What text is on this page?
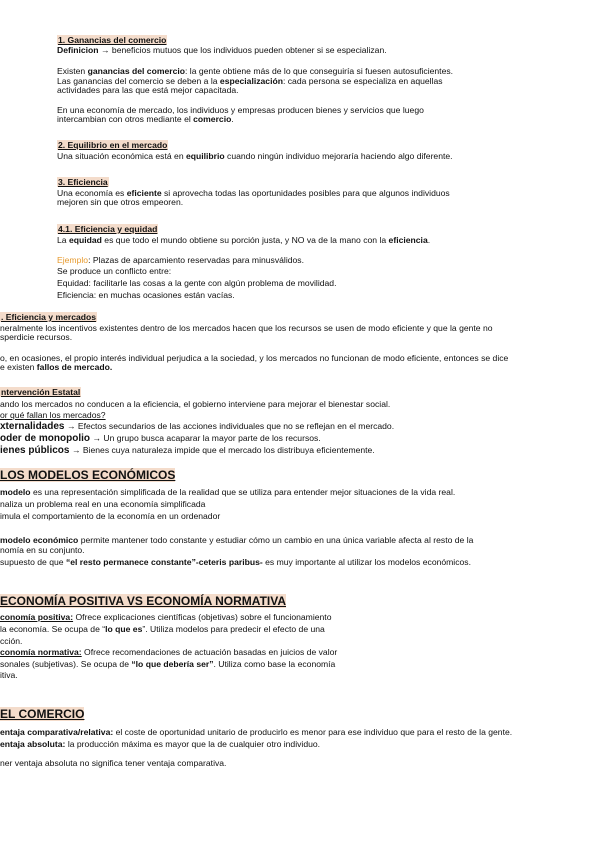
1. Ganancias del comercio
Definicion → beneficios mutuos que los individuos pueden obtener si se especializan.
Existen ganancias del comercio: la gente obtiene más de lo que conseguiría si fuesen autosuficientes.
Las ganancias del comercio se deben a la especialización: cada persona se especializa en aquellas
actividades para las que está mejor capacitada.
En una economía de mercado, los individuos y empresas producen bienes y servicios que luego
intercambian con otros mediante el comercio.
2. Equilibrio en el mercado
Una situación económica está en equilibrio cuando ningún individuo mejoraría haciendo algo diferente.
3. Eficiencia
Una economía es eficiente si aprovecha todas las oportunidades posibles para que algunos individuos
mejoren sin que otros empeoren.
4.1. Eficiencia y equidad
La equidad es que todo el mundo obtiene su porción justa, y NO va de la mano con la eficiencia.
Ejemplo: Plazas de aparcamiento reservadas para minusválidos.
Se produce un conflicto entre:
Equidad: facilitarle las cosas a la gente con algún problema de movilidad.
Eficiencia: en muchas ocasiones están vacías.
. Eficiencia y mercados
neralmente los incentivos existentes dentro de los mercados hacen que los recursos se usen de modo eficiente y que la gente no
sperdicie recursos.
o, en ocasiones, el propio interés individual perjudica a la sociedad, y los mercados no funcionan de modo eficiente, entonces se dice
e existen fallos de mercado.
ntervención Estatal
ando los mercados no conducen a la eficiencia, el gobierno interviene para mejorar el bienestar social.
or qué fallan los mercados?
xternalidades → Efectos secundarios de las acciones individuales que no se reflejan en el mercado.
oder de monopolio → Un grupo busca acaparar la mayor parte de los recursos.
ienes públicos → Bienes cuya naturaleza impide que el mercado los distribuya eficientemente.
LOS MODELOS ECONÓMICOS
modelo es una representación simplificada de la realidad que se utiliza para entender mejor situaciones de la vida real.
naliza un problema real en una economía simplificada
imula el comportamiento de la economía en un ordenador
modelo económico permite mantener todo constante y estudiar cómo un cambio en una única variable afecta al resto de la
nomía en su conjunto.
supuesto de que “el resto permanece constante”-ceteris paribus- es muy importante al utilizar los modelos económicos.
ECONOMÍA POSITIVA VS ECONOMÍA NORMATIVA
conomía positiva: Ofrece explicaciones científicas (objetivas) sobre el funcionamiento
la economía. Se ocupa de “lo que es”. Utiliza modelos para predecir el efecto de una
cción.
conomía normativa: Ofrece recomendaciones de actuación basadas en juicios de valor
sonales (subjetivas). Se ocupa de “lo que debería ser”. Utiliza como base la economía
itiva.
EL COMERCIO
entaja comparativa/relativa: el coste de oportunidad unitario de producirlo es menor para ese individuo que para el resto de la gente.
entaja absoluta: la producción máxima es mayor que la de cualquier otro individuo.
ner ventaja absoluta no significa tener ventaja comparativa.
